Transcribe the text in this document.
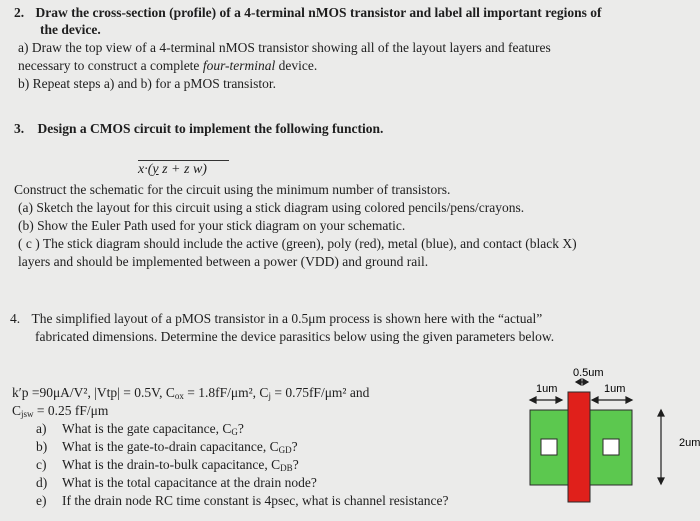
2. Draw the cross-section (profile) of a 4-terminal nMOS transistor and label all important regions of
the device.
a) Draw the top view of a 4-terminal nMOS transistor showing all of the layout layers and features
necessary to construct a complete four-terminal device.
b) Repeat steps a) and b) for a pMOS transistor.
3. Design a CMOS circuit to implement the following function.
x·(y z + z w)
Construct the schematic for the circuit using the minimum number of transistors.
(a) Sketch the layout for this circuit using a stick diagram using colored pencils/pens/crayons.
(b) Show the Euler Path used for your stick diagram on your schematic.
( c ) The stick diagram should include the active (green), poly (red), metal (blue), and contact (black X)
layers and should be implemented between a power (VDD) and ground rail.
4. The simplified layout of a pMOS transistor in a 0.5μm process is shown here with the “actual”
fabricated dimensions. Determine the device parasitics below using the given parameters below.
k′p =90μA/V², |Vtp| = 0.5V, $C_{ox} = 1.8fF/\mu m^2$, $C_j = 0.75fF/\mu m^2$ and
$C_{jsw} = 0.25$ fF/μm
a) What is the gate capacitance, $C_G$?
b) What is the gate-to-drain capacitance, $C_{GD}$?
c) What is the drain-to-bulk capacitance, $C_{DB}$?
d) What is the total capacitance at the drain node?
e) If the drain node RC time constant is 4psec, what is channel resistance?
0.5um
1um	1um
2um
